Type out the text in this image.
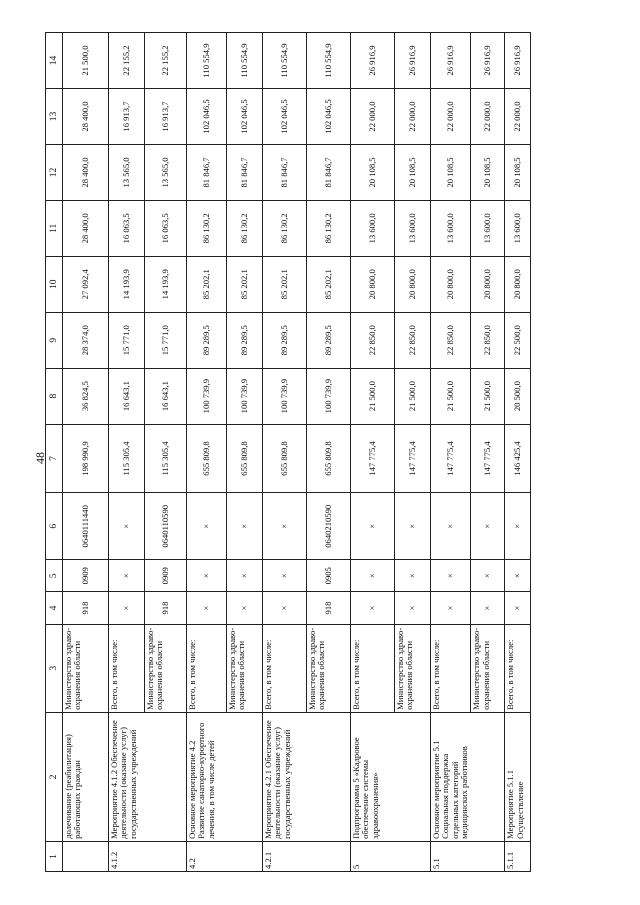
48
1	2	3	4	5	6	7	8	9	10	11	12	13	14
	долечивание (реабилитация) работающих граждан	Министерство здраво-охранения области	918	0909	0640111440	198 990,9	36 824,5	28 374,0	27 092,4	28 400,0	28 400,0	28 400,0	21 500,0
4.1.2	Мероприятие 4.1.2 Обеспечение деятельности (оказание услуг) государственных учреждений	Всего, в том числе:	×	×	×	115 305,4	16 643,1	15 771,0	14 193,9	16 063,5	13 565,0	16 913,7	22 155,2
		Министерство здраво-охранения области	918	0909	0640110590	115 305,4	16 643,1	15 771,0	14 193,9	16 063,5	13 565,0	16 913,7	22 155,2
4.2	Основное мероприятие 4.2 Развитие санаторно-курортного лечения, в том числе детей	Всего, в том числе:	×	×	×	655 809,8	100 739,9	89 289,5	85 202,1	86 130,2	81 846,7	102 046,5	110 554,9
		Министерство здраво-охранения области	×	×	×	655 809,8	100 739,9	89 289,5	85 202,1	86 130,2	81 846,7	102 046,5	110 554,9
4.2.1	Мероприятие 4.2.1 Обеспечение деятельности (оказание услуг) государственных учреждений	Всего, в том числе:	×	×	×	655 809,8	100 739,9	89 289,5	85 202,1	86 130,2	81 846,7	102 046,5	110 554,9
		Министерство здраво-охранения области	918	0905	0640210590	655 809,8	100 739,9	89 289,5	85 202,1	86 130,2	81 846,7	102 046,5	110 554,9
5	Подпрограмма 5 «Кадровое обеспечение системы здравоохранения»	Всего, в том числе:	×	×	×	147 775,4	21 500,0	22 850,0	20 800,0	13 600,0	20 108,5	22 000,0	26 916,9
		Министерство здраво-охранения области	×	×	×	147 775,4	21 500,0	22 850,0	20 800,0	13 600,0	20 108,5	22 000,0	26 916,9
5.1	Основное мероприятие 5.1 Социальная поддержка отдельных категорий медицинских работников	Всего, в том числе:	×	×	×	147 775,4	21 500,0	22 850,0	20 800,0	13 600,0	20 108,5	22 000,0	26 916,9
		Министерство здраво-охранения области	×	×	×	147 775,4	21 500,0	22 850,0	20 800,0	13 600,0	20 108,5	22 000,0	26 916,9
5.1.1	Мероприятие 5.1.1 Осуществление	Всего, в том числе:	×	×	×	146 425,4	20 500,0	22 500,0	20 800,0	13 600,0	20 108,5	22 000,0	26 916,9
